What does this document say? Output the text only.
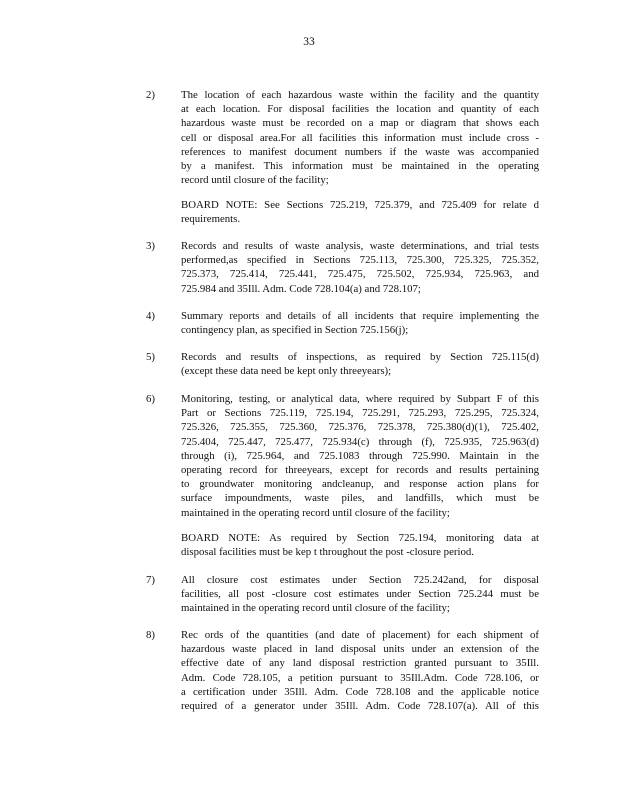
33
2) The location of each hazardous waste within the facility and the quantity
at each location. For disposal facilities the location and quantity of each
hazardous waste must be recorded on a map or diagram that shows each
cell or disposal area.For all facilities this information must include cross -
references to manifest document numbers if the waste was accompanied
by a manifest. This information must be maintained in the operating
record until closure of the facility;
BOARD NOTE: See Sections 725.219, 725.379, and 725.409 for relate d
requirements.
3) Records and results of waste analysis, waste determinations, and trial tests
performed,as specified in Sections 725.113, 725.300, 725.325, 725.352,
725.373, 725.414, 725.441, 725.475, 725.502, 725.934, 725.963, and
725.984 and 35Ill. Adm. Code 728.104(a) and 728.107;
4) Summary reports and details of all incidents that require implementing the
contingency plan, as specified in Section 725.156(j);
5) Records and results of inspections, as required by Section 725.115(d)
(except these data need be kept only threeyears);
6) Monitoring, testing, or analytical data, where required by Subpart F of this
Part or Sections 725.119, 725.194, 725.291, 725.293, 725.295, 725.324,
725.326, 725.355, 725.360, 725.376, 725.378, 725.380(d)(1), 725.402,
725.404, 725.447, 725.477, 725.934(c) through (f), 725.935, 725.963(d)
through (i), 725.964, and 725.1083 through 725.990. Maintain in the
operating record for threeyears, except for records and results pertaining
to groundwater monitoring andcleanup, and response action plans for
surface impoundments, waste piles, and landfills, which must be
maintained in the operating record until closure of the facility;
BOARD NOTE: As required by Section 725.194, monitoring data at
disposal facilities must be kep t throughout the post -closure period.
7) All closure cost estimates under Section 725.242and, for disposal
facilities, all post -closure cost estimates under Section 725.244 must be
maintained in the operating record until closure of the facility;
8) Rec ords of the quantities (and date of placement) for each shipment of
hazardous waste placed in land disposal units under an extension of the
effective date of any land disposal restriction granted pursuant to 35Ill.
Adm. Code 728.105, a petition pursuant to 35Ill.Adm. Code 728.106, or
a certification under 35Ill. Adm. Code 728.108 and the applicable notice
required of a generator under 35Ill. Adm. Code 728.107(a). All of this
